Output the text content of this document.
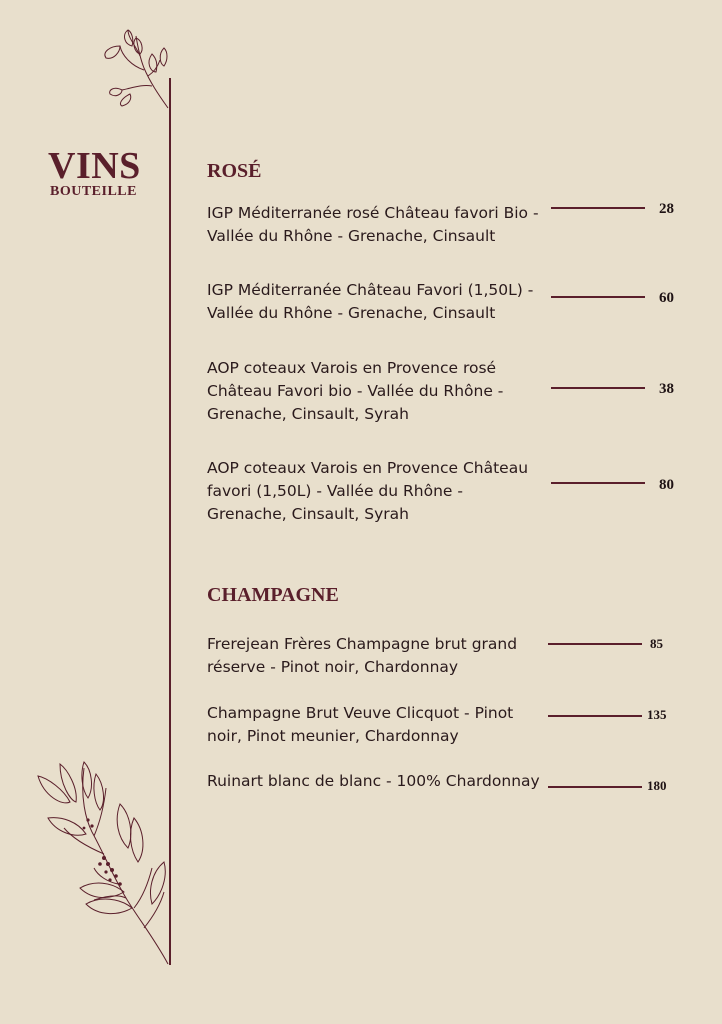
VINS
BOUTEILLE
ROSÉ
IGP Méditerranée rosé Château favori Bio - Vallée du Rhône - Grenache, Cinsault
28
IGP Méditerranée Château Favori (1,50L) - Vallée du Rhône - Grenache, Cinsault
60
AOP coteaux Varois en Provence rosé Château Favori bio - Vallée du Rhône - Grenache, Cinsault, Syrah
38
AOP coteaux Varois en Provence Château favori (1,50L) - Vallée du Rhône - Grenache, Cinsault, Syrah
80
CHAMPAGNE
Frerejean Frères Champagne brut grand réserve - Pinot noir, Chardonnay
85
Champagne Brut Veuve Clicquot - Pinot noir, Pinot meunier, Chardonnay
135
Ruinart blanc de blanc - 100% Chardonnay	180
